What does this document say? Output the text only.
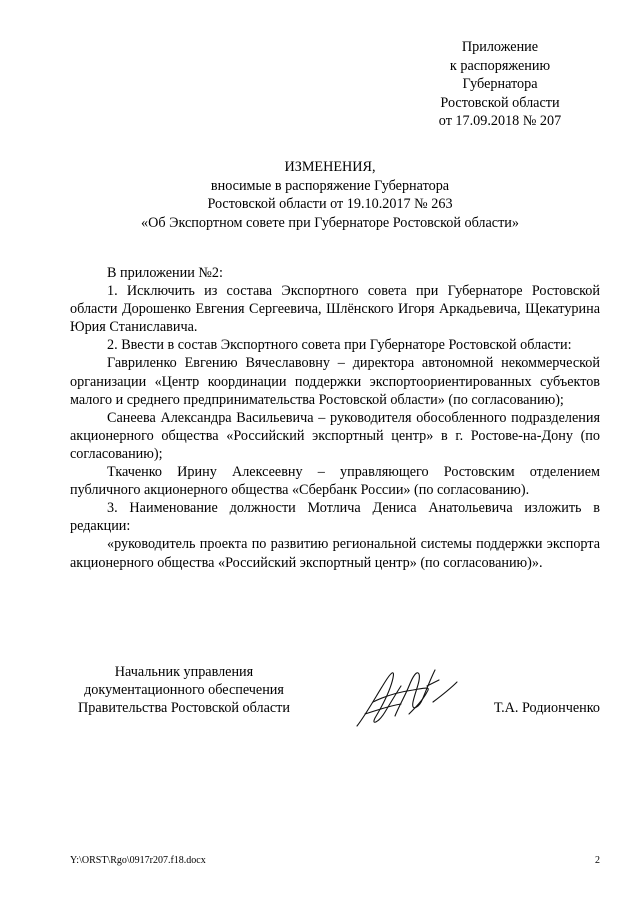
Приложение
к распоряжению
Губернатора
Ростовской области
от 17.09.2018 № 207
ИЗМЕНЕНИЯ,
вносимые в распоряжение Губернатора
Ростовской области от 19.10.2017 № 263
«Об Экспортном совете при Губернаторе Ростовской области»

В приложении №2:

1. Исключить из состава Экспортного совета при Губернаторе Ростовской области Дорошенко Евгения Сергеевича, Шлёнского Игоря Аркадьевича, Щекатурина Юрия Станиславича.

2. Ввести в состав Экспортного совета при Губернаторе Ростовской области:

Гавриленко Евгению Вячеславовну – директора автономной некоммерческой организации «Центр координации поддержки экспортоориентированных субъектов малого и среднего предпринимательства Ростовской области» (по согласованию);

Санеева Александра Васильевича – руководителя обособленного подразделения акционерного общества «Российский экспортный центр» в г. Ростове-на-Дону (по согласованию);

Ткаченко Ирину Алексеевну – управляющего Ростовским отделением публичного акционерного общества «Сбербанк России» (по согласованию).

3. Наименование должности Мотлича Дениса Анатольевича изложить в редакции:

«руководитель проекта по развитию региональной системы поддержки экспорта акционерного общества «Российский экспортный центр» (по согласованию)».

Начальник управления
документационного обеспечения
Правительства Ростовской области	Т.А. Родионченко
Y:\ORST\Rgo\0917r207.f18.docx	2
